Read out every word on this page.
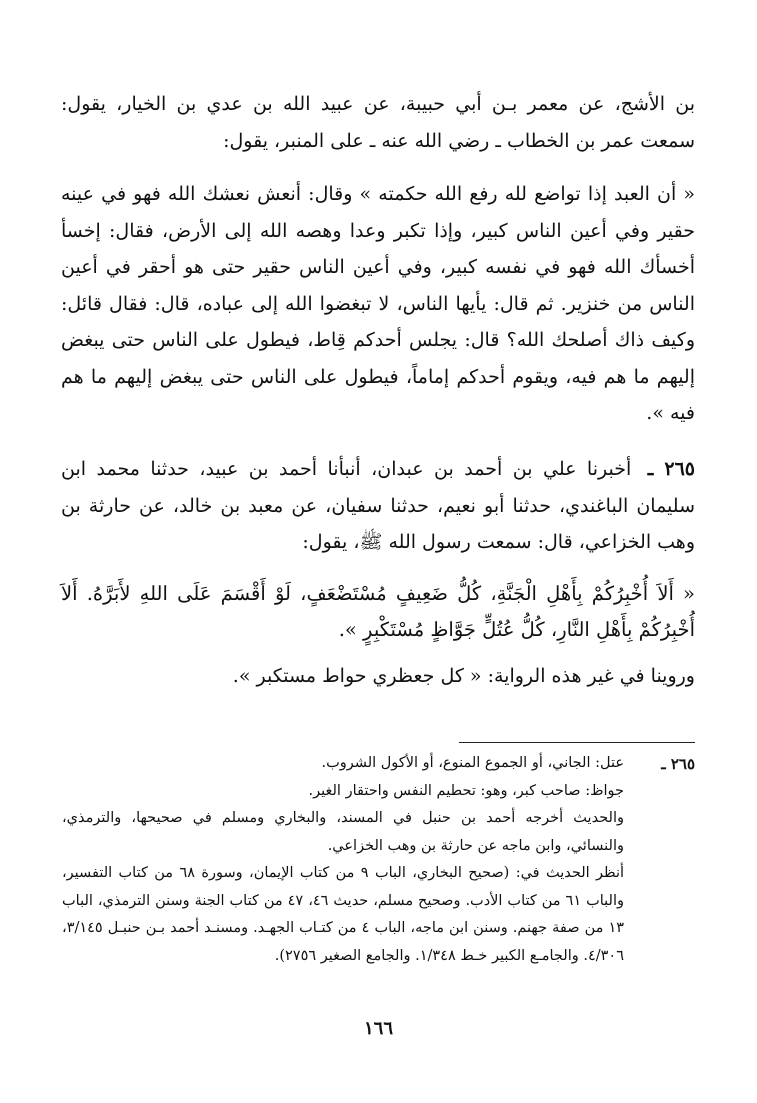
بن الأشج، عن معمر بـن أبي حبيبة، عن عبيد الله بن عدي بن الخيار، يقول: سمعت عمر بن الخطاب ـ رضي الله عنه ـ على المنبر، يقول:
« أن العبد إذا تواضع لله رفع الله حكمته » وقال: أنعش نعشك الله فهو في عينه حقير وفي أعين الناس كبير، وإذا تكبر وعدا وهصه الله إلى الأرض، فقال: إخسأ أخسأك الله فهو في نفسه كبير، وفي أعين الناس حقير حتى هو أحقر في أعين الناس من خنزير. ثم قال: يأيها الناس، لا تبغضوا الله إلى عباده، قال: فقال قائل: وكيف ذاك أصلحك الله؟ قال: يجلس أحدكم قِاط، فيطول على الناس حتى يبغض إليهم ما هم فيه، ويقوم أحدكم إماماً، فيطول على الناس حتى يبغض إليهم ما هم فيه ».
٢٦٥ ـ أخبرنا علي بن أحمد بن عبدان، أنبأنا أحمد بن عبيد، حدثنا محمد ابن سليمان الباغندي، حدثنا أبو نعيم، حدثنا سفيان، عن معبد بن خالد، عن حارثة بن وهب الخزاعي، قال: سمعت رسول الله ﷺ، يقول:
« أَلاَ أُخْبِرُكُمْ بِأَهْلِ الْجَنَّةِ، كُلُّ ضَعِيفٍ مُسْتَضْعَفٍ، لَوْ أَقْسَمَ عَلَى اللهِ لأَبَرَّهُ. أَلاَ أُخْبِرُكُمْ بِأَهْلِ النَّارِ، كُلُّ عُتُلٍّ جَوَّاظٍ مُسْتَكْبِرٍ ».
وروينا في غير هذه الرواية: « كل جعظري حواط مستكبر ».
٢٦٥ ـ

عتل: الجاني، أو الجموع المنوع، أو الأكول الشروب.

جواظ: صاحب كبر، وهو: تحطيم النفس واحتقار الغير.

والحديث أخرجه أحمد بن حنبل في المسند، والبخاري ومسلم في صحيحها، والترمذي، والنسائي، وابن ماجه عن حارثة بن وهب الخزاعي.

أنظر الحديث في: (صحيح البخاري، الباب ٩ من كتاب الإيمان، وسورة ٦٨ من كتاب التفسير، والباب ٦١ من كتاب الأدب. وصحيح مسلم، حديث ٤٦، ٤٧ من كتاب الجنة وسنن الترمذي، الباب ١٣ من صفة جهنم. وسنن ابن ماجه، الباب ٤ من كتـاب الجهـد. ومسنـد أحمد بـن حنبـل ٣/١٤٥، ٤/٣٠٦. والجامـع الكبير خـط ١/٣٤٨. والجامع الصغير ٢٧٥٦).

١٦٦
